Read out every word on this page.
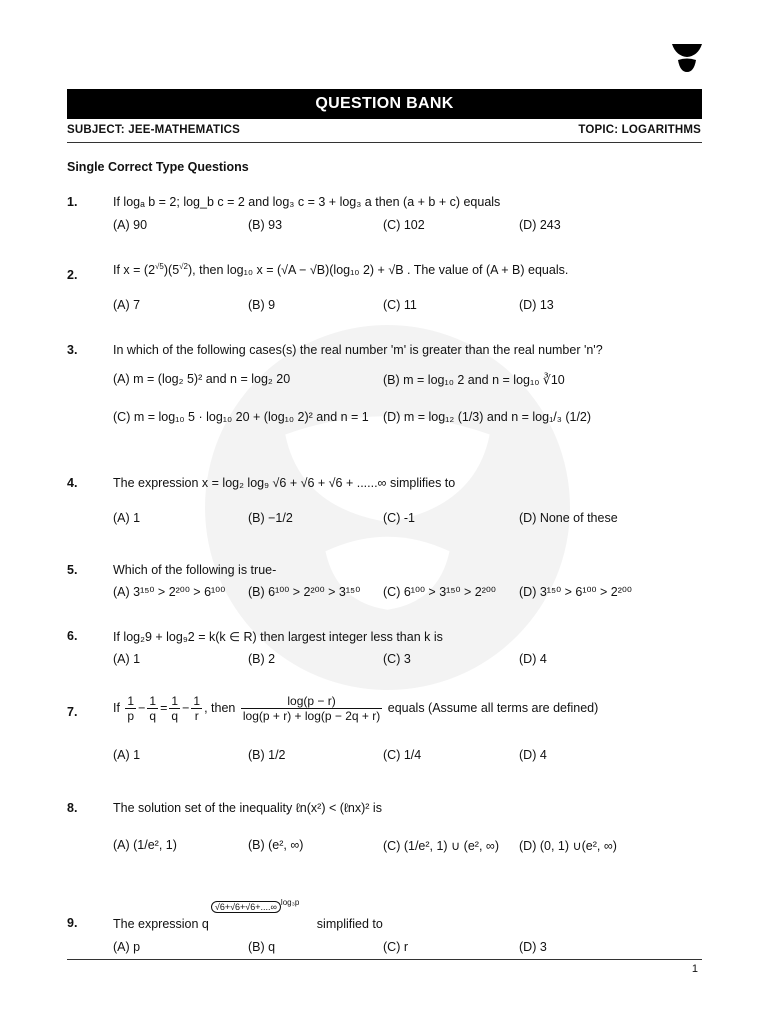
QUESTION BANK
SUBJECT: JEE-MATHEMATICS	TOPIC: LOGARITHMS
Single Correct Type Questions
1.	If logₐ b = 2; log_b c = 2 and log₃ c = 3 + log₃ a then (a + b + c) equals
(A) 90	(B) 93	(C) 102	(D) 243
2.	If $x = (2^{√5})(5^{√2})$, then log₁₀ x = (√A − √B)(log₁₀ 2) + √B . The value of (A + B) equals.
(A) 7	(B) 9	(C) 11	(D) 13
3.	In which of the following cases(s) the real number 'm' is greater than the real number 'n'?
(A) m = (log₂ 5)² and n = log₂ 20	(B) m = log₁₀ 2 and n = log₁₀ ∛10
(C) m = log₁₀ 5 · log₁₀ 20 + (log₁₀ 2)² and n = 1 (D) m = log₁₂ (1/3) and n = log₁/₃ (1/2)
4.	The expression x = log₂ log₉ √6 + √6 + √6 + ......∞ simplifies to
(A) 1	(B) −1/2	(C) -1	(D) None of these
5.	Which of the following is true-
(A) 3¹⁵⁰ > 2²⁰⁰ > 6¹⁰⁰ (B) 6¹⁰⁰ > 2²⁰⁰ > 3¹⁵⁰ (C) 6¹⁰⁰ > 3¹⁵⁰ > 2²⁰⁰ (D) 3¹⁵⁰ > 6¹⁰⁰ > 2²⁰⁰
6.	If log₂9 + log₉2 = k(k ∈ R) then largest integer less than k is
(A) 1	(B) 2	(C) 3	(D) 4
7.	If $\frac{1}{p} - \frac{1}{q} = \frac{1}{q} - \frac{1}{r}$ , then $\frac{\log(p - r)}{\log(p + r) + \log(p - 2q + r)}$ equals (Assume all terms are defined)
(A) 1	(B) 1/2	(C) 1/4	(D) 4
8.	The solution set of the inequality ℓn(x²) < (ℓnx)² is
(A) (1/e², 1)	(B) (e², ∞)	(C) (1/e², 1) ∪ (e², ∞) (D) (0, 1) ∪(e², ∞)
9.	The expression q√6+√6+√6+....∞ $^{log_3p}$ simplified to
(A) p	(B) q	(C) r	(D) 3
1
